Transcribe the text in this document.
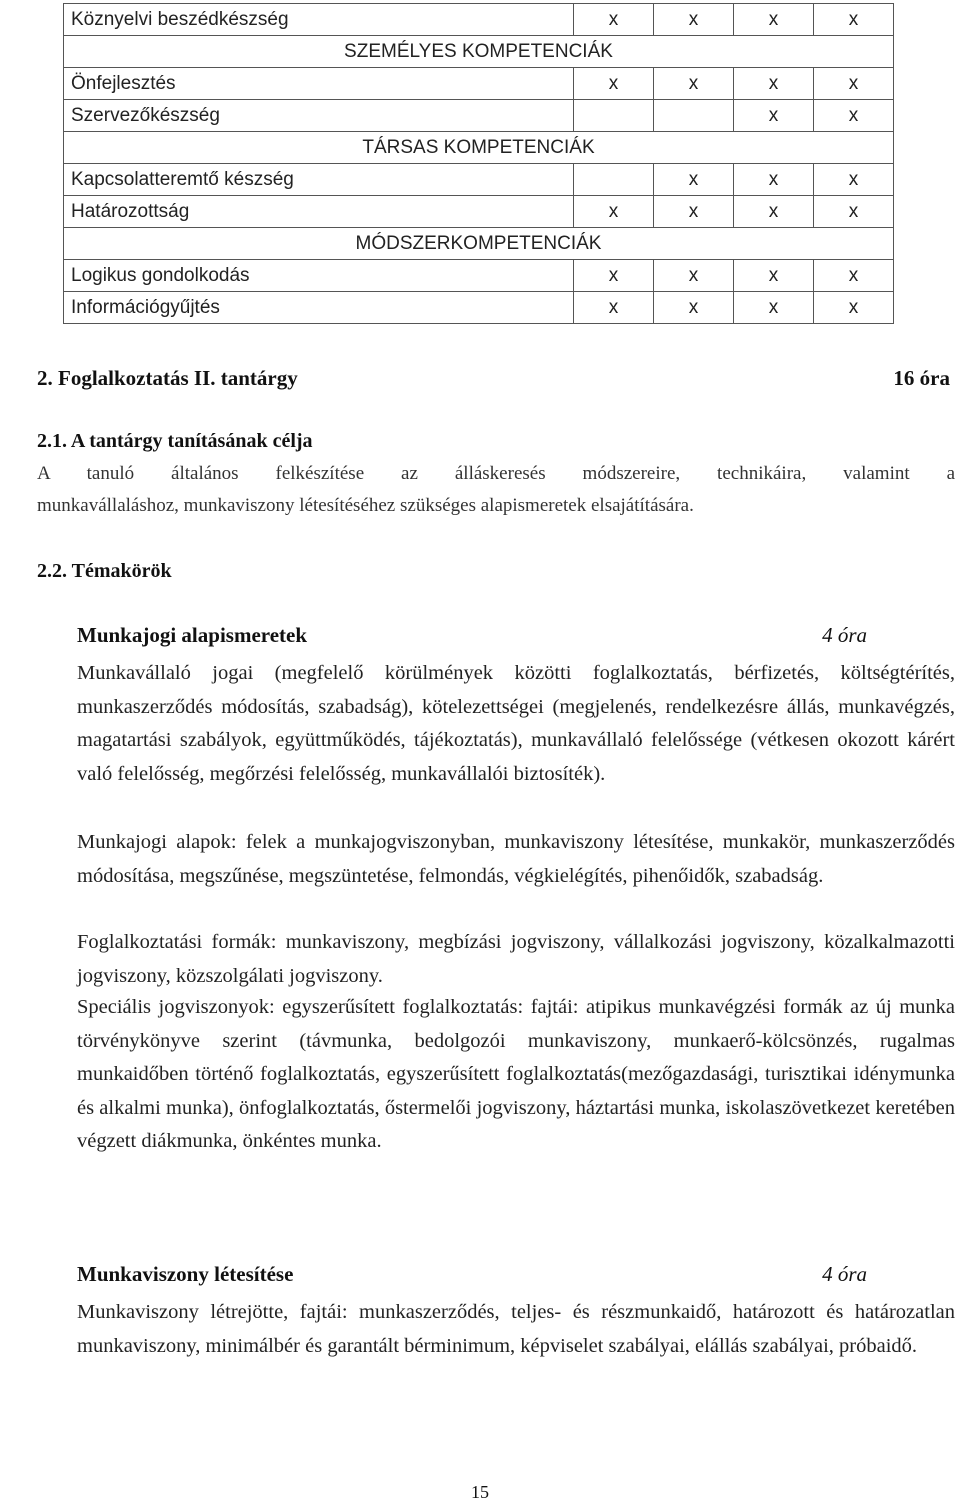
Köznyelvi beszédkészség	x	x	x	x
SZEMÉLYES KOMPETENCIÁK				
Önfejlesztés	x	x	x	x
Szervezőkészség			x	x
TÁRSAS KOMPETENCIÁK				
Kapcsolatteremtő készség		x	x	x
Határozottság	x	x	x	x
MÓDSZERKOMPETENCIÁK				
Logikus gondolkodás	x	x	x	x
Információgyűjtés	x	x	x	x
2. Foglalkoztatás II. tantárgy	16 óra
2.1. A tantárgy tanításának célja
A tanuló általános felkészítése az álláskeresés módszereire, technikáira, valamint a
munkavállaláshoz, munkaviszony létesítéséhez szükséges alapismeretek elsajátítására.
2.2. Témakörök
Munkajogi alapismeretek	4 óra
Munkavállaló jogai (megfelelő körülmények közötti foglalkoztatás, bérfizetés, költségtérítés, munkaszerződés módosítás, szabadság), kötelezettségei (megjelenés, rendelkezésre állás, munkavégzés, magatartási szabályok, együttműködés, tájékoztatás), munkavállaló felelőssége (vétkesen okozott kárért való felelősség, megőrzési felelősség, munkavállalói biztosíték).
Munkajogi alapok: felek a munkajogviszonyban, munkaviszony létesítése, munkakör, munkaszerződés módosítása, megszűnése, megszüntetése, felmondás, végkielégítés, pihenőidők, szabadság.
Foglalkoztatási formák: munkaviszony, megbízási jogviszony, vállalkozási jogviszony, közalkalmazotti jogviszony, közszolgálati jogviszony.
Speciális jogviszonyok: egyszerűsített foglalkoztatás: fajtái: atipikus munkavégzési formák az új munka törvénykönyve szerint (távmunka, bedolgozói munkaviszony, munkaerő-kölcsönzés, rugalmas munkaidőben történő foglalkoztatás, egyszerűsített foglalkoztatás(mezőgazdasági, turisztikai idénymunka és alkalmi munka), önfoglalkoztatás, őstermelői jogviszony, háztartási munka, iskolaszövetkezet keretében végzett diákmunka, önkéntes munka.
Munkaviszony létesítése	4 óra
Munkaviszony létrejötte, fajtái: munkaszerződés, teljes- és részmunkaidő, határozott és határozatlan munkaviszony, minimálbér és garantált bérminimum, képviselet szabályai, elállás szabályai, próbaidő.
15
